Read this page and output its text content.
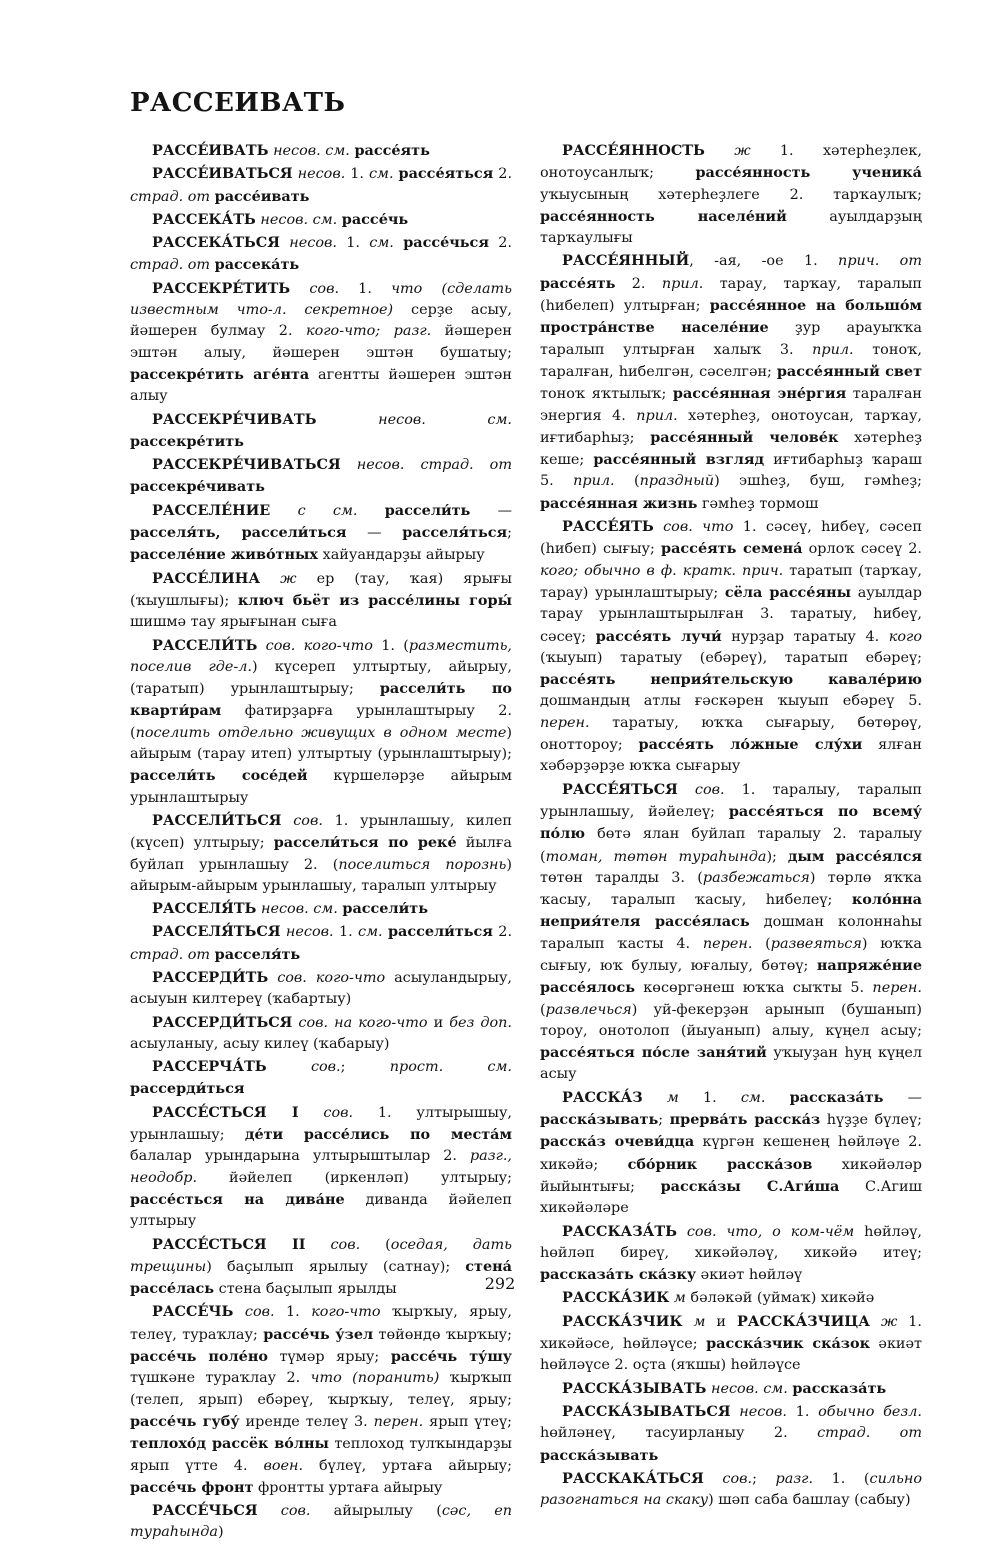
РАССЕИВАТЬ

РАССЕ́ИВАТЬ несов. см. рассе́ять

РАССЕ́ИВАТЬСЯ несов. 1. см. рассе́яться 2. страд. от рассе́ивать

РАССЕКА́ТЬ несов. см. рассе́чь

РАССЕКА́ТЬСЯ несов. 1. см. рассе́чься 2. страд. от рассека́ть

РАССЕКРЕ́ТИТЬ сов. 1. что (сделать известным что-л. секретное) серҙе асыу, йәшерен булмау 2. кого-что; разг. йәшерен эштән алыу, йәшерен эштән бушатыу; рассекре́тить аге́нта агентты йәшерен эштән алыу

РАССЕКРЕ́ЧИВАТЬ	несов. см. рассекре́тить

РАССЕКРЕ́ЧИВАТЬСЯ несов. страд. от рассекре́чивать

РАССЕЛЕ́НИЕ с см. рассели́ть — расселя́ть, рассели́ться — расселя́ться; расселе́ние живо́тных хайуандарҙы айырыу

РАССЕ́ЛИНА ж ер (тау, ҡая) ярығы (ҡыушлығы); ключ бьёт из рассе́лины горы́ шишмә тау ярығынан сыға

РАССЕЛИ́ТЬ сов. кого-что 1. (разместить, поселив где-л.) күсереп ултыртыу, айырыу, (таратып) урынлаштырыу; рассели́ть по кварти́рам фатирҙарға урынлаштырыу 2. (поселить отдельно живущих в одном месте) айырым (тарау итеп) ултыртыу (урынлаштырыу); рассели́ть сосе́дей күршеләрҙе айырым урынлаштырыу

РАССЕЛИ́ТЬСЯ сов. 1. урынлашыу, килеп (күсеп) ултырыу; рассели́ться по реке́ йылға буйлап урынлашыу 2. (поселиться порознь) айырым-айырым урынлашыу, таралып ултырыу

РАССЕЛЯ́ТЬ несов. см. рассели́ть

РАССЕЛЯ́ТЬСЯ несов. 1. см. рассели́ться 2. страд. от расселя́ть

РАССЕРДИ́ТЬ сов. кого-что асыуландырыу, асыуын килтереү (ҡабартыу)

РАССЕРДИ́ТЬСЯ сов. на кого-что и без доп. асыуланыу, асыу килеү (ҡабарыу)

РАССЕРЧА́ТЬ	сов.; прост. см. рассерди́ться

РАССЕ́СТЬСЯ I сов. 1. ултырышыу, урынлашыу; де́ти рассе́лись по места́м балалар урындарына ултырыштылар 2. разг., неодобр. йәйелеп (иркенләп) ултырыу; рассе́сться на дива́не диванда йәйелеп ултырыу

РАССЕ́СТЬСЯ II сов. (оседая, дать трещины) баҫылып ярылыу (сатнау); стена́ рассе́лась стена баҫылып ярылды

РАССЕ́ЧЬ сов. 1. кого-что ҡырҡыу, ярыу, телеү, тураҡлау; рассе́чь у́зел төйөндө ҡырҡыу; рассе́чь поле́но түмәр ярыу; рассе́чь ту́шу түшкәне тураҡлау 2. что (поранить) ҡырҡып (телеп, ярып) ебәреү, ҡырҡыу, телеү, ярыу; рассе́чь губу́ иренде телеү 3. перен. ярып үтеү; теплохо́д рассёк во́лны теплоход тулҡындарҙы ярып үтте 4. воен. бүлеү, уртаға айырыу; рассе́чь фронт фронтты уртаға айырыу

РАССЕ́ЧЬСЯ сов. айырылыу (сәс, еп тураһында)

РАССЕ́ЯННОСТЬ ж 1. хәтерһеҙлек, онотоусанлыҡ; рассе́янность ученика́ уҡыусының хәтерһеҙлеге 2. тарҡаулыҡ; рассе́янность населе́ний ауылдарҙың тарҡаулығы

РАССЕ́ЯННЫЙ, -ая, -ое 1. прич. от рассе́ять 2. прил. тарау, тарҡау, таралып (һибелеп) ултырған; рассе́янное на большо́м простра́нстве населе́ние ҙур арауыҡҡа таралып ултырған халыҡ 3. прил. тоноҡ, таралған, һибелгән, сәселгән; рассе́янный свет тоноҡ яҡтылыҡ; рассе́янная эне́ргия таралған энергия 4. прил. хәтерһеҙ, онотоусан, тарҡау, иғтибарһыҙ; рассе́янный челове́к хәтерһеҙ кеше; рассе́янный взгляд иғтибарһыҙ ҡараш 5. прил. (праздный) эшһеҙ, буш, гәмһеҙ; рассе́янная жизнь гәмһеҙ тормош

РАССЕ́ЯТЬ сов. что 1. сәсеү, һибеү, сәсеп (һибеп) сығыу; рассе́ять семена́ орлоҡ сәсеү 2. кого; обычно в ф. кратк. прич. таратып (тарҡау, тарау) урынлаштырыу; сёла рассе́яны ауылдар тарау урынлаштырылған 3. таратыу, һибеү, сәсеү; рассе́ять лучи́ нурҙар таратыу 4. кого (ҡыуып) таратыу (ебәреү), таратып ебәреү; рассе́ять неприя́тельскую кавале́рию дошмандың атлы ғәскәрен ҡыуып ебәреү 5. перен. таратыу, юҡҡа сығарыу, бөтөрөү, онотторoу; рассе́ять ло́жные слу́хи ялған хәбәрҙәрҙе юҡҡа сығарыу

РАССЕ́ЯТЬСЯ сов. 1. таралыу, таралып урынлашыу, йәйелеү; рассе́яться по всему́ по́лю бөтә ялан буйлап таралыу 2. таралыу (томан, төтөн тураһында); дым рассе́ялся төтөн таралды 3. (разбежаться) төрлө яҡҡа ҡасыу, таралып ҡасыу, һибелеү; коло́нна неприя́теля рассе́ялась дошман колоннаһы таралып ҡасты 4. перен. (развеяться) юҡҡа сығыу, юҡ булыу, юғалыу, бөтөү; напряже́ние рассе́ялось көсөргәнеш юҡҡа сыҡты 5. перен. (развлечься) уй-фекерҙән арынып (бушанып) тороу, онотолоп (йыуанып) алыу, күңел асыу; рассе́яться по́сле заня́тий уҡыуҙан һуң күңел асыу

РАССКА́З м 1. см. рассказа́ть — расска́зывать; прерва́ть расска́з һүҙҙе бүлеү; расска́з очеви́дца күргән кешенең һөйләүе 2. хикәйә; сбо́рник расска́зов хикәйәләр йыйынтығы; расска́зы С.Аги́ша С.Агиш хикәйәләре

РАССКАЗА́ТЬ сов. что, о ком-чём һөйләү, һөйләп биреү, хикәйәләү, хикәйә итеү; рассказа́ть ска́зку әкиәт һөйләү

РАССКА́ЗИК м бәләкәй (уймаҡ) хикәйә

РАССКА́ЗЧИК м и РАССКА́ЗЧИЦА ж 1. хикәйәсе, һөйләүсе; расска́зчик ска́зок әкиәт һөйләүсе 2. оҫта (яҡшы) һөйләүсе

РАССКА́ЗЫВАТЬ несов. см. рассказа́ть

РАССКА́ЗЫВАТЬСЯ несов. 1. обычно безл. һөйләнеү, тасуирланыу 2. страд. от расска́зывать

РАССКАКА́ТЬСЯ сов.; разг. 1. (сильно разогнаться на скаку) шәп саба башлау (сабыу)

292
